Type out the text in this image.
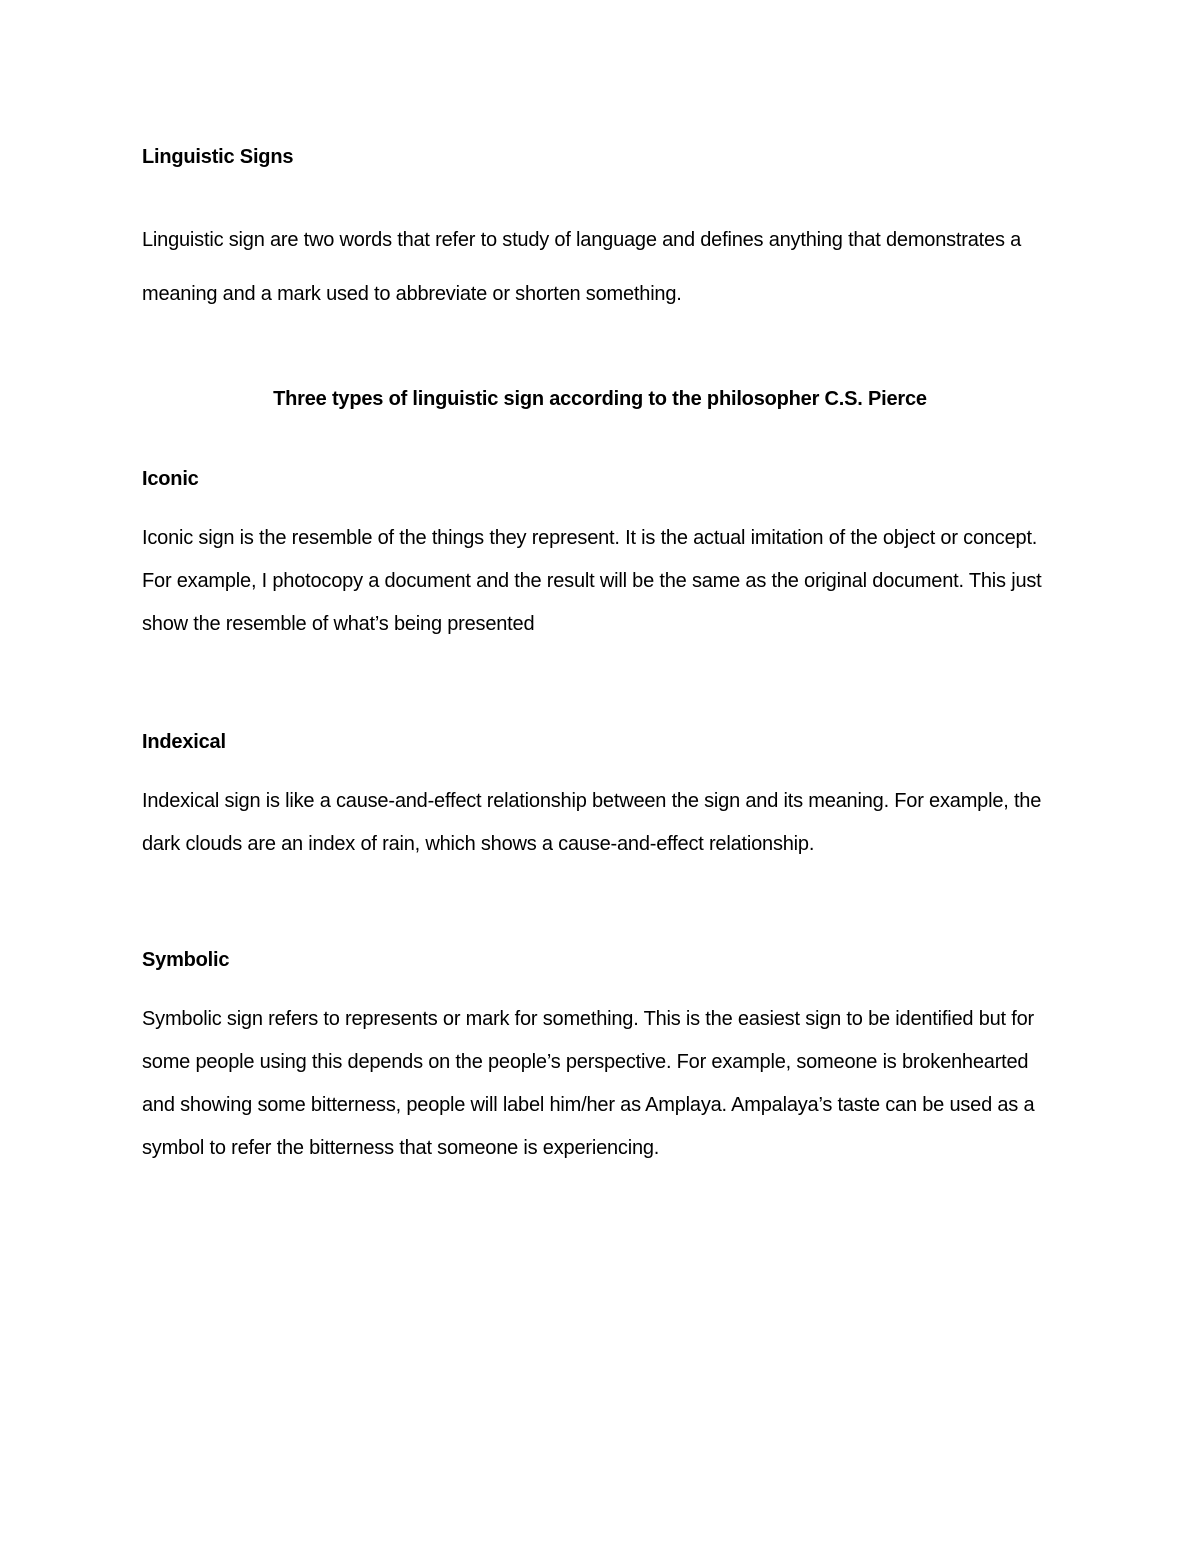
Linguistic Signs

Linguistic sign are two words that refer to study of language and defines anything that demonstrates a meaning and a mark used to abbreviate or shorten something.

Three types of linguistic sign according to the philosopher C.S. Pierce
Iconic

Iconic sign is the resemble of the things they represent. It is the actual imitation of the object or concept. For example, I photocopy a document and the result will be the same as the original document. This just show the resemble of what’s being presented

Indexical

Indexical sign is like a cause-and-effect relationship between the sign and its meaning. For example, the dark clouds are an index of rain, which shows a cause-and-effect relationship.

Symbolic

Symbolic sign refers to represents or mark for something. This is the easiest sign to be identified but for some people using this depends on the people’s perspective. For example, someone is brokenhearted and showing some bitterness, people will label him/her as Amplaya. Ampalaya’s taste can be used as a symbol to refer the bitterness that someone is experiencing.
